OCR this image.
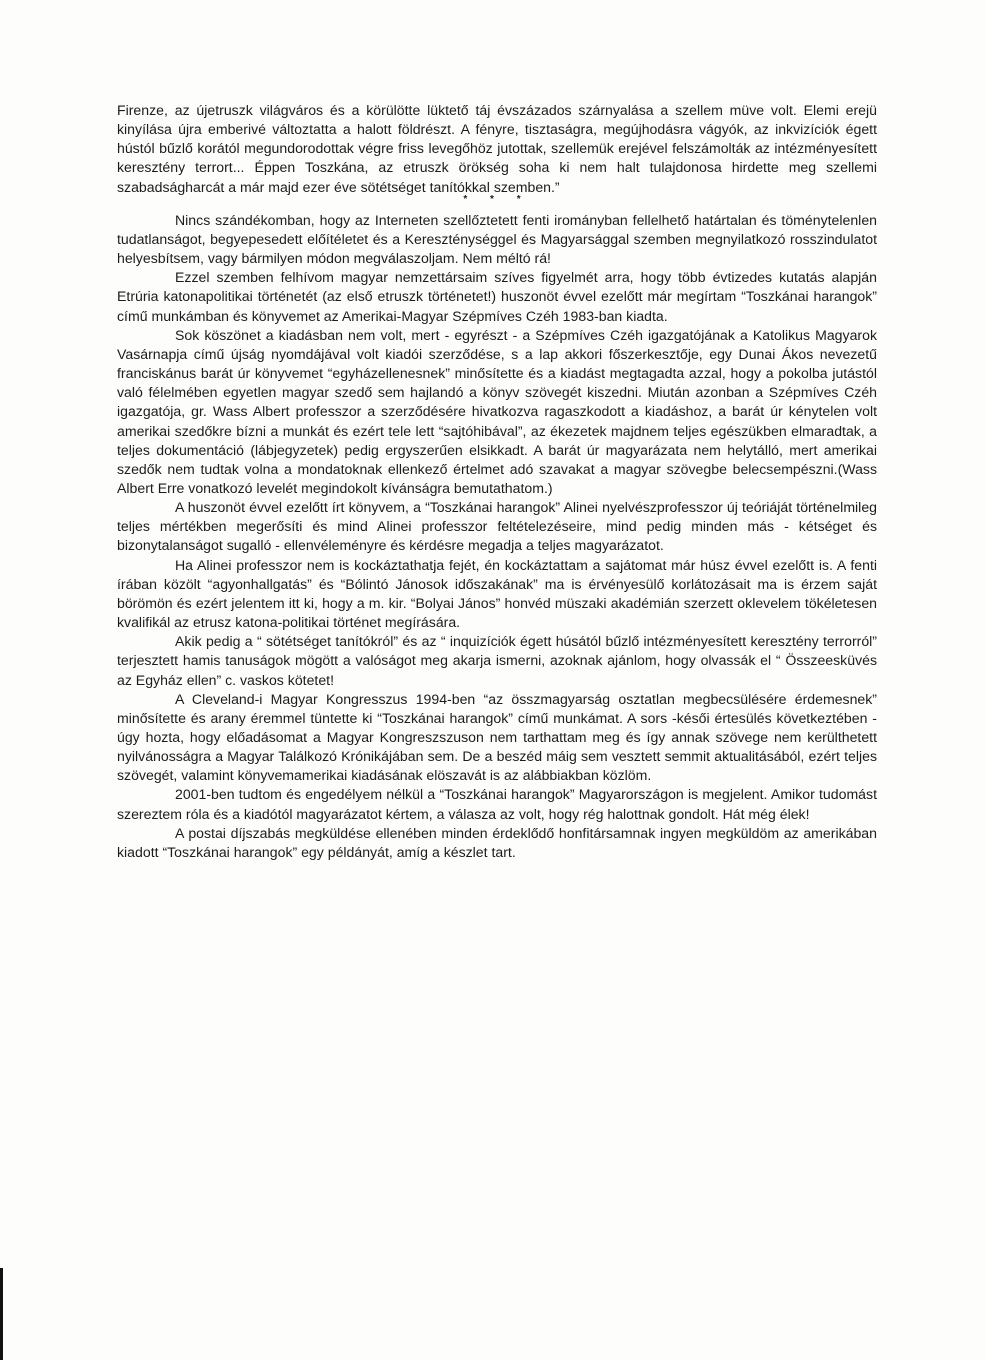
Firenze, az újetruszk világváros és a körülötte lüktető táj évszázados szárnyalása a szellem müve volt. Elemi erejü kinyílása újra emberivé változtatta a halott földrészt. A fényre, tisztaságra, megújhodásra vágyók, az inkvizíciók égett hústól bűzlő korától megundorodottak végre friss levegőhöz jutottak, szellemük erejével felszámolták az intézményesített keresztény terrort... Éppen Toszkána, az etruszk örökség soha ki nem halt tulajdonosa hirdette meg szellemi szabadságharcát a már majd ezer éve sötétséget tanítókkal szemben.”

* * *

Nincs szándékomban, hogy az Interneten szellőztetett fenti irományban fellelhető határtalan és töménytelenlen tudatlanságot, begyepesedett előítéletet és a Kereszténységgel és Magyarsággal szemben megnyilatkozó rosszindulatot helyesbítsem, vagy bármilyen módon megválaszoljam. Nem méltó rá!

Ezzel szemben felhívom magyar nemzettársaim szíves figyelmét arra, hogy több évtizedes kutatás alapján Etrúria katonapolitikai történetét (az első etruszk történetet!) huszonöt évvel ezelőtt már megírtam “Toszkánai harangok” című munkámban és könyvemet az Amerikai-Magyar Szépmíves Czéh 1983-ban kiadta.

Sok köszönet a kiadásban nem volt, mert - egyrészt - a Szépmíves Czéh igazgatójának a Katolikus Magyarok Vasárnapja című újság nyomdájával volt kiadói szerződése, s a lap akkori főszerkesztője, egy Dunai Ákos nevezetű franciskánus barát úr könyvemet “egyházellenesnek” minősítette és a kiadást megtagadta azzal, hogy a pokolba jutástól való félelmében egyetlen magyar szedő sem hajlandó a könyv szövegét kiszedni. Miután azonban a Szépmíves Czéh igazgatója, gr. Wass Albert professzor a szerződésére hivatkozva ragaszkodott a kiadáshoz, a barát úr kénytelen volt amerikai szedőkre bízni a munkát és ezért tele lett “sajtóhibával”, az ékezetek majdnem teljes egészükben elmaradtak, a teljes dokumentáció (lábjegyzetek) pedig ergyszerűen elsikkadt. A barát úr magyarázata nem helytálló, mert amerikai szedők nem tudtak volna a mondatoknak ellenkező értelmet adó szavakat a magyar szövegbe belecsempészni.(Wass Albert Erre vonatkozó levelét megindokolt kívánságra bemutathatom.)

A huszonöt évvel ezelőtt írt könyvem, a “Toszkánai harangok” Alinei nyelvészprofesszor új teóriáját történelmileg teljes mértékben megerősíti és mind Alinei professzor feltételezéseire, mind pedig minden más - kétséget és bizonytalanságot sugalló - ellenvéleményre és kérdésre megadja a teljes magyarázatot.

Ha Alinei professzor nem is kockáztathatja fejét, én kockáztattam a sajátomat már húsz évvel ezelőtt is. A fenti írában közölt “agyonhallgatás” és “Bólintó Jánosok időszakának” ma is érvényesülő korlátozásait ma is érzem saját börömön és ezért jelentem itt ki, hogy a m. kir. “Bolyai János” honvéd müszaki akadémián szerzett oklevelem tökéletesen kvalifikál az etrusz katona-politikai történet megírására.

Akik pedig a “ sötétséget tanítókról” és az “ inquizíciók égett húsától bűzlő intézményesített keresztény terrorról” terjesztett hamis tanuságok mögött a valóságot meg akarja ismerni, azoknak ajánlom, hogy olvassák el “ Összeesküvés az Egyház ellen” c. vaskos kötetet!

A Cleveland-i Magyar Kongresszus 1994-ben “az összmagyarság osztatlan megbecsülésére érdemesnek” minősítette és arany éremmel tüntette ki “Toszkánai harangok” című munkámat. A sors -késői értesülés következtében - úgy hozta, hogy előadásomat a Magyar Kongreszszuson nem tarthattam meg és így annak szövege nem kerülthetett nyilvánosságra a Magyar Találkozó Krónikájában sem. De a beszéd máig sem vesztett semmit aktualitásából, ezért teljes szövegét, valamint könyvemamerikai kiadásának elöszavát is az alábbiakban közlöm.

2001-ben tudtom és engedélyem nélkül a “Toszkánai harangok” Magyarországon is megjelent. Amikor tudomást szereztem róla és a kiadótól magyarázatot kértem, a válasza az volt, hogy rég halottnak gondolt. Hát még élek!

A postai díjszabás megküldése ellenében minden érdeklődő honfitársamnak ingyen megküldöm az amerikában kiadott “Toszkánai harangok” egy példányát, amíg a készlet tart.
